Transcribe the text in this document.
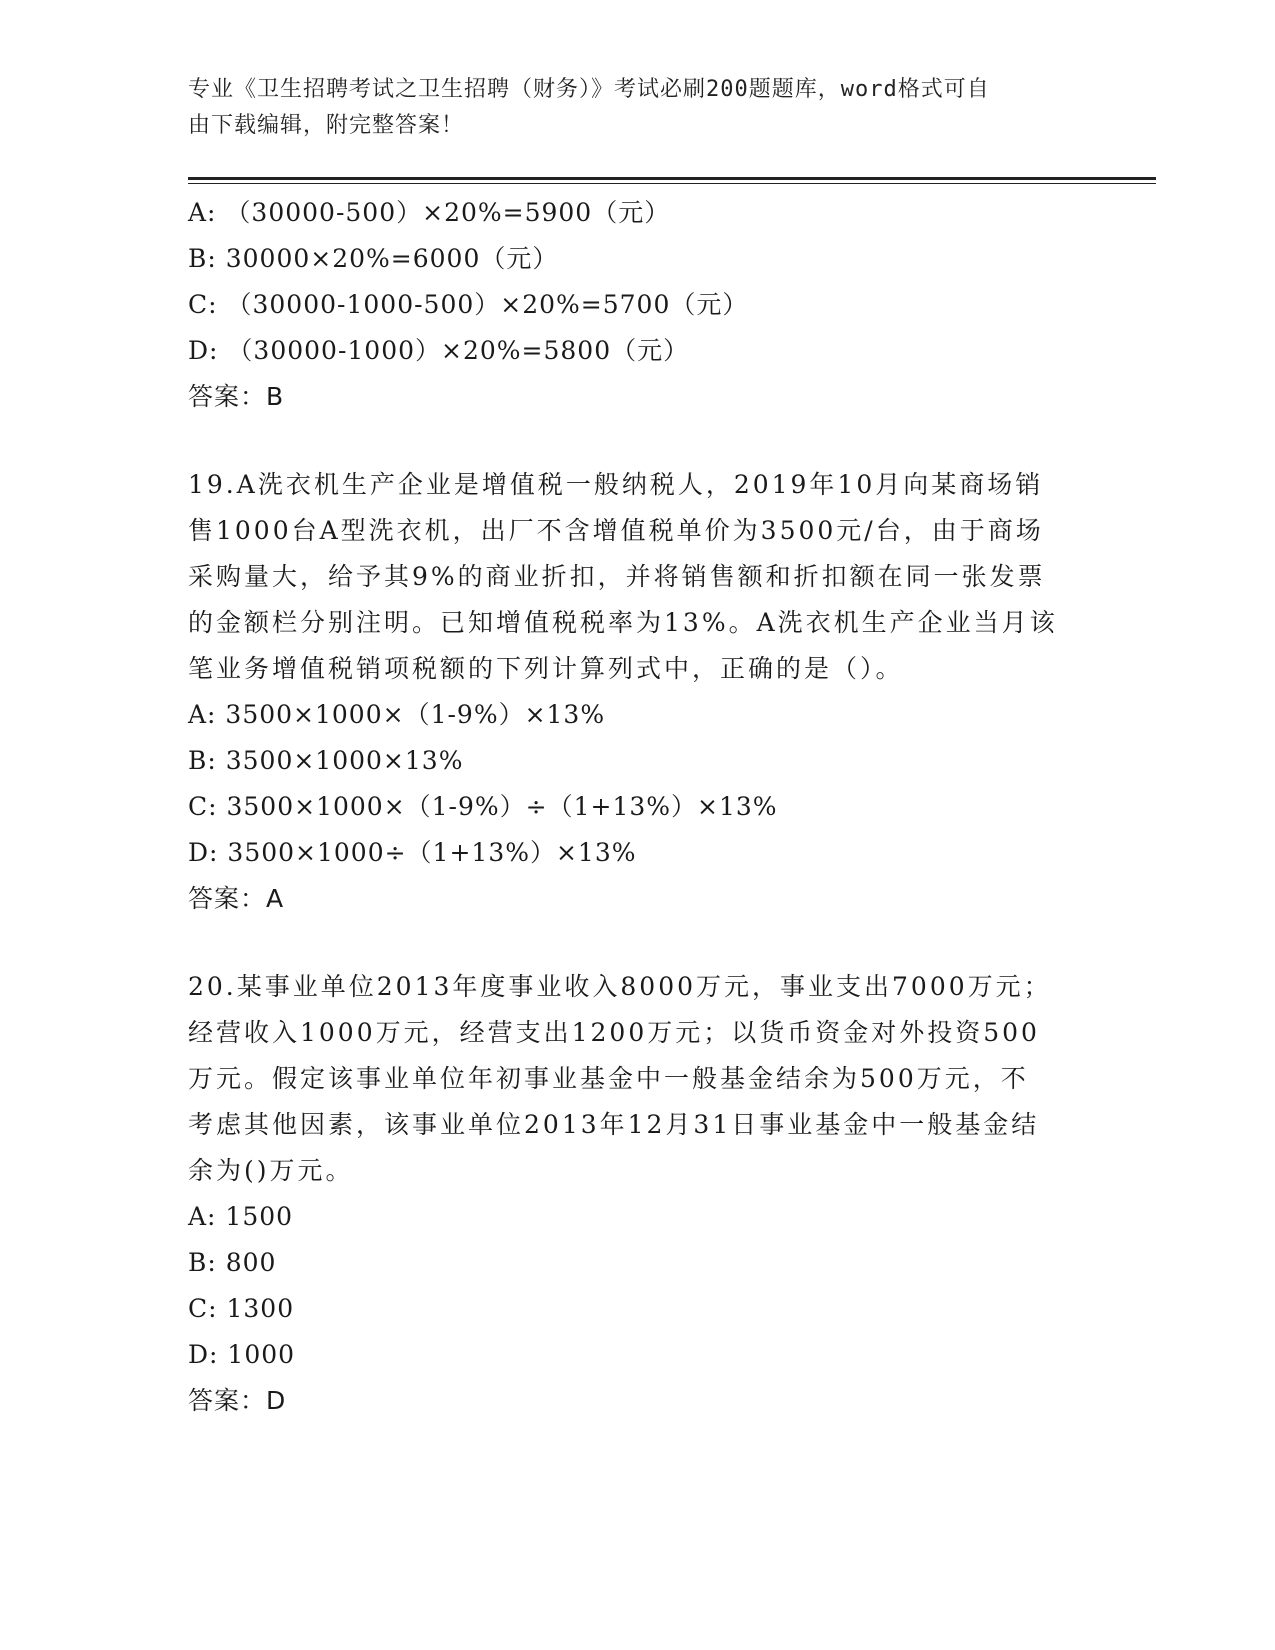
专业《卫生招聘考试之卫生招聘（财务）》考试必刷200题题库，word格式可自
由下载编辑，附完整答案！
A: （30000-500）×20%=5900（元）
B: 30000×20%=6000（元）
C: （30000-1000-500）×20%=5700（元）
D: （30000-1000）×20%=5800（元）
答案：B
19.A洗衣机生产企业是增值税一般纳税人，2019年10月向某商场销
售1000台A型洗衣机，出厂不含增值税单价为3500元/台，由于商场
采购量大，给予其9%的商业折扣，并将销售额和折扣额在同一张发票
的金额栏分别注明。已知增值税税率为13%。A洗衣机生产企业当月该
笔业务增值税销项税额的下列计算列式中，正确的是（）。
A: 3500×1000×（1-9%）×13%
B: 3500×1000×13%
C: 3500×1000×（1-9%）÷（1+13%）×13%
D: 3500×1000÷（1+13%）×13%
答案：A
20.某事业单位2013年度事业收入8000万元，事业支出7000万元；
经营收入1000万元，经营支出1200万元；以货币资金对外投资500
万元。假定该事业单位年初事业基金中一般基金结余为500万元，不
考虑其他因素，该事业单位2013年12月31日事业基金中一般基金结
余为()万元。
A: 1500
B: 800
C: 1300
D: 1000
答案：D
